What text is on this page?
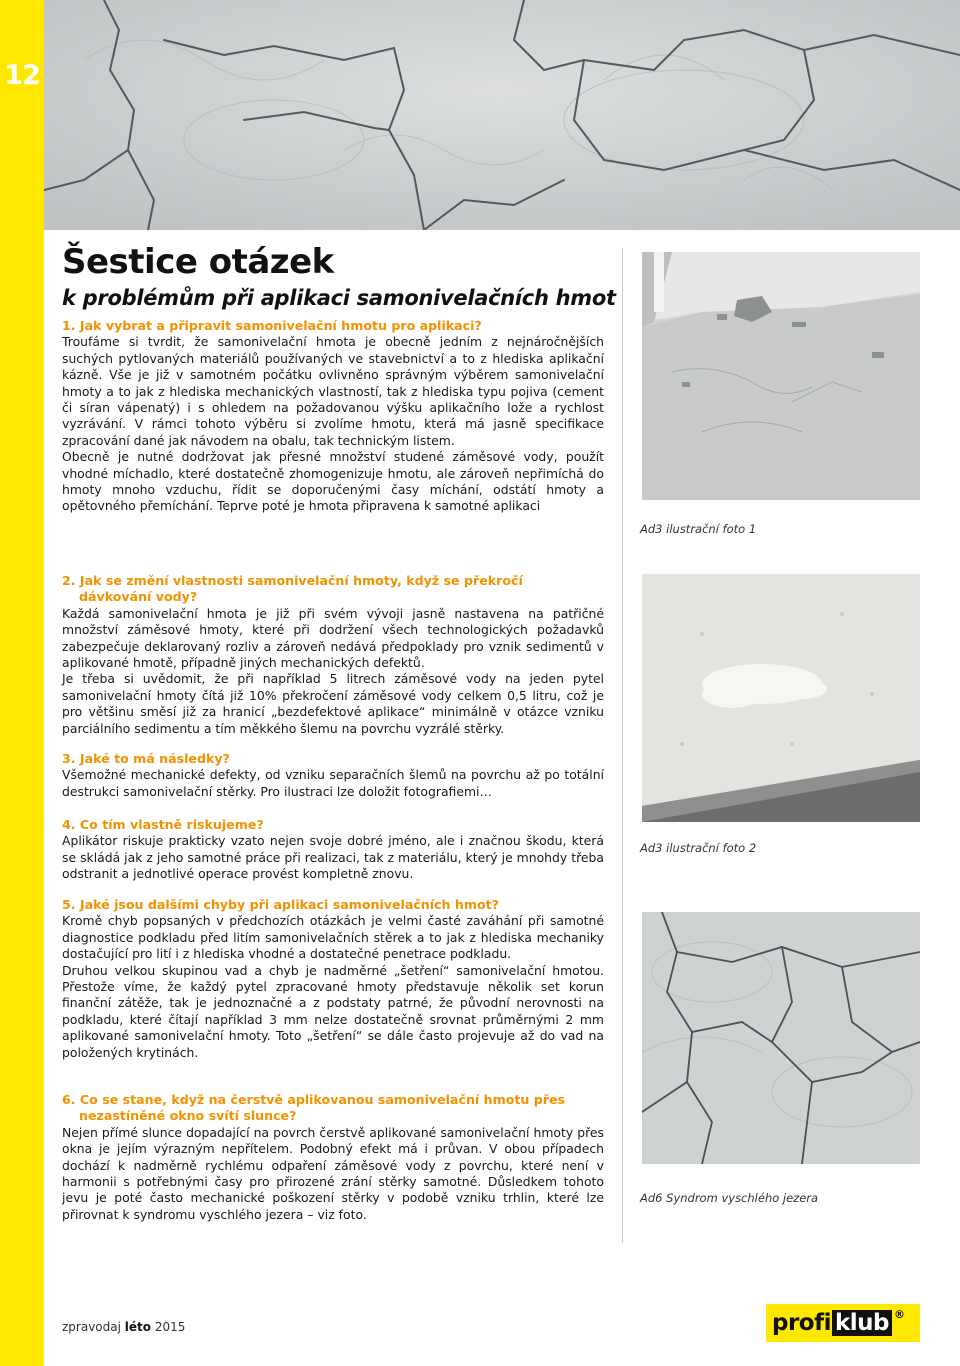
12
Šestice otázek
k problémům při aplikaci samonivelačních hmot

1. Jak vybrat a připravit samonivelační hmotu pro aplikaci?

Troufáme si tvrdit, že samonivelační hmota je obecně jedním z nejnáročnějších suchých pytlovaných materiálů používaných ve stavebnictví a to z hlediska aplikační kázně. Vše je již v samotném počátku ovlivněno správným výběrem samonivelační hmoty a to jak z hlediska mechanických vlastností, tak z hlediska typu pojiva (cement či síran vápenatý) i s ohledem na požadovanou výšku aplikačního lože a rychlost vyzrávání. V rámci tohoto výběru si zvolíme hmotu, která má jasně specifikace zpracování dané jak návodem na obalu, tak technickým listem.

Obecně je nutné dodržovat jak přesné množství studené záměsové vody, použít vhodné míchadlo, které dostatečně zhomogenizuje hmotu, ale zároveň nepřimíchá do hmoty mnoho vzduchu, řídit se doporučenými časy míchání, odstátí hmoty a opětovného přemíchání. Teprve poté je hmota připravena k samotné aplikaci

2. Jak se změní vlastnosti samonivelační hmoty, když se překročí
dávkování vody?

Každá samonivelační hmota je již při svém vývoji jasně nastavena na patřičné množství záměsové hmoty, které při dodržení všech technologických požadavků zabezpečuje deklarovaný rozliv a zároveň nedává předpoklady pro vznik sedimentů v aplikované hmotě, případně jiných mechanických defektů.

Je třeba si uvědomit, že při například 5 litrech záměsové vody na jeden pytel samonivelační hmoty čítá již 10% překročení záměsové vody celkem 0,5 litru, což je pro většinu směsí již za hranicí „bezdefektové aplikace“ minimálně v otázce vzniku parciálního sedimentu a tím měkkého šlemu na povrchu vyzrálé stěrky.

3. Jaké to má následky?

Všemožné mechanické defekty, od vzniku separačních šlemů na povrchu až po totální destrukci samonivelační stěrky. Pro ilustraci lze doložit fotografiemi…

4. Co tím vlastně riskujeme?

Aplikátor riskuje prakticky vzato nejen svoje dobré jméno, ale i značnou škodu, která se skládá jak z jeho samotné práce při realizaci, tak z materiálu, který je mnohdy třeba odstranit a jednotlivé operace provést kompletně znovu.

5. Jaké jsou dalšími chyby při aplikaci samonivelačních hmot?

Kromě chyb popsaných v předchozích otázkách je velmi časté zaváhání při samotné diagnostice podkladu před litím samonivelačních stěrek a to jak z hlediska mechaniky dostačující pro lití i z hlediska vhodné a dostatečné penetrace podkladu.

Druhou velkou skupinou vad a chyb je nadměrné „šetření“ samonivelační hmotou. Přestože víme, že každý pytel zpracované hmoty představuje několik set korun finanční zátěže, tak je jednoznačné a z podstaty patrné, že původní nerovnosti na podkladu, které čítají například 3 mm nelze dostatečně srovnat průměrnými 2 mm aplikované samonivelační hmoty. Toto „šetření“ se dále často projevuje až do vad na položených krytinách.

6. Co se stane, když na čerstvě aplikovanou samonivelační hmotu přes
nezastíněné okno svítí slunce?

Nejen přímé slunce dopadající na povrch čerstvě aplikované samonivelační hmoty přes okna je jejím výrazným nepřítelem. Podobný efekt má i průvan. V obou případech dochází k nadměrně rychlému odpaření záměsové vody z povrchu, které není v harmonii s potřebnými časy pro přirozené zrání stěrky samotné. Důsledkem tohoto jevu je poté často mechanické poškození stěrky v podobě vzniku trhlin, které lze přirovnat k syndromu vyschlého jezera – viz foto.

Ad3 ilustrační foto 1
Ad3 ilustrační foto 2
Ad6 Syndrom vyschlého jezera
zpravodaj léto 2015	profi klub ®
